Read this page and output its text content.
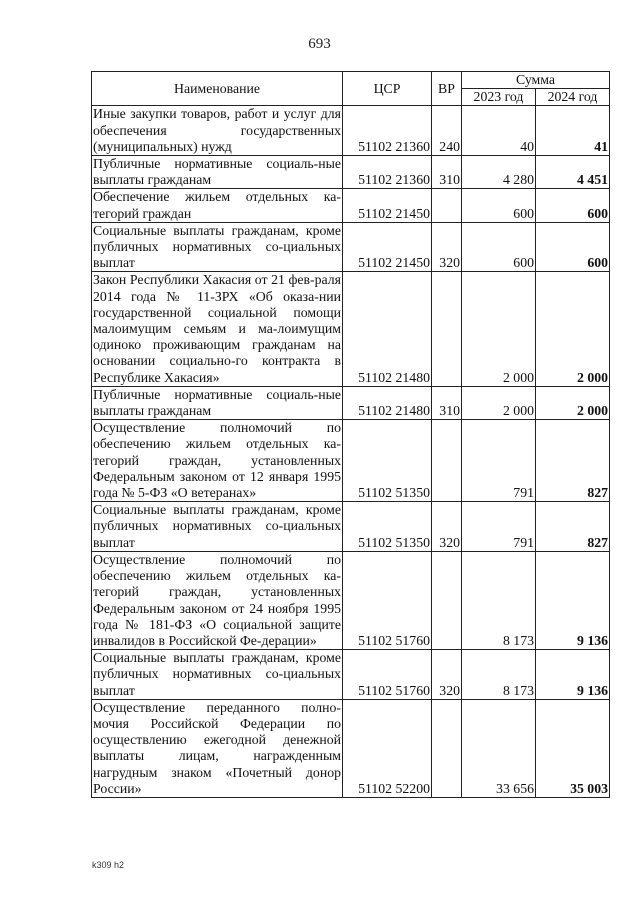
693
Наименование	ЦСР	ВР	Сумма	
			2023 год	2024 год
Иные закупки товаров, работ и услуг для обеспечения государственных (муниципальных) нужд	51102 21360	240	40	41
Публичные нормативные социаль-ные выплаты гражданам	51102 21360	310	4 280	4 451
Обеспечение жильем отдельных ка-тегорий граждан	51102 21450		600	600
Социальные выплаты гражданам, кроме публичных нормативных со-циальных выплат	51102 21450	320	600	600
Закон Республики Хакасия от 21 фев-раля 2014 года № 11-ЗРХ «Об оказа-нии государственной социальной помощи малоимущим семьям и ма-лоимущим одиноко проживающим гражданам на основании социально-го контракта в Республике Хакасия»	51102 21480		2 000	2 000
Публичные нормативные социаль-ные выплаты гражданам	51102 21480	310	2 000	2 000
Осуществление полномочий по обеспечению жильем отдельных ка-тегорий граждан, установленных Федеральным законом от 12 января 1995 года № 5-ФЗ «О ветеранах»	51102 51350		791	827
Социальные выплаты гражданам, кроме публичных нормативных со-циальных выплат	51102 51350	320	791	827
Осуществление полномочий по обеспечению жильем отдельных ка-тегорий граждан, установленных Федеральным законом от 24 ноября 1995 года № 181-ФЗ «О социальной защите инвалидов в Российской Фе-дерации»	51102 51760		8 173	9 136
Социальные выплаты гражданам, кроме публичных нормативных со-циальных выплат	51102 51760	320	8 173	9 136
Осуществление переданного полно-мочия Российской Федерации по осуществлению ежегодной денежной выплаты лицам, награжденным нагрудным знаком «Почетный донор России»	51102 52200		33 656	35 003
k309 h2
